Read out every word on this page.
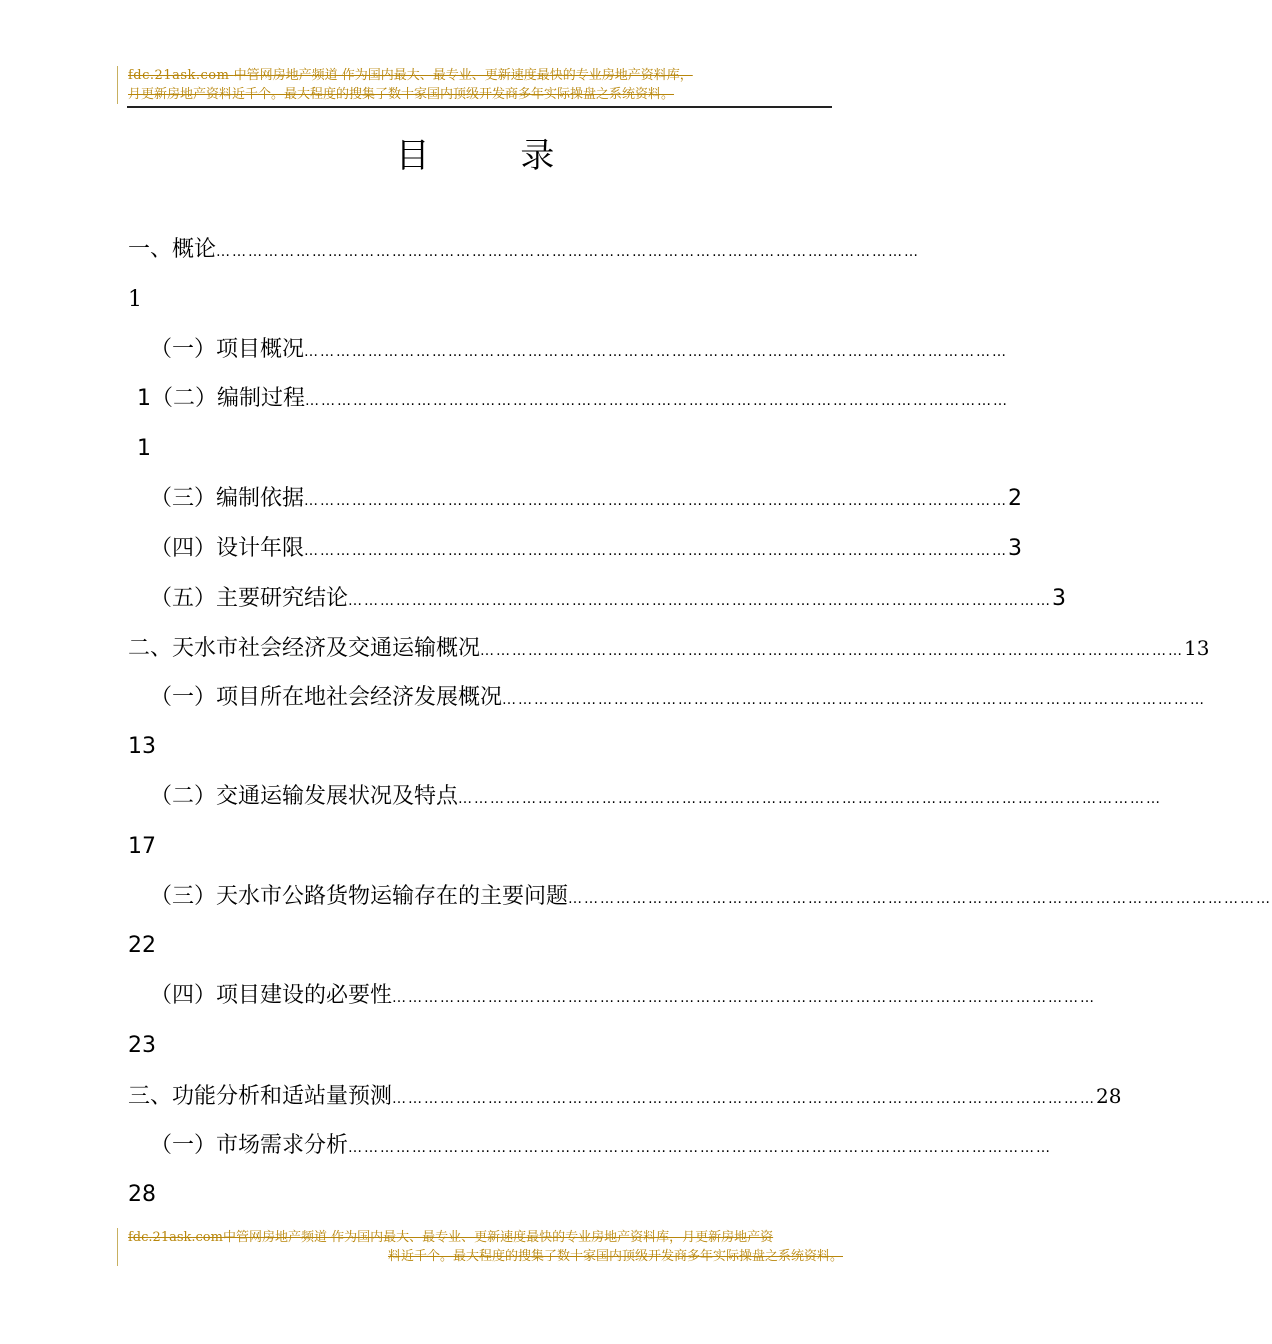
fdc.21ask.com 中管网房地产频道 作为国内最大、最专业、更新速度最快的专业房地产资料库，
月更新房地产资料近千个。最大程度的搜集了数十家国内顶级开发商多年实际操盘之系统资料。
目 录
一、概论 ……………………………………………………………………………………………………………………
1
（一）项目概况 ……………………………………………………………………………………………………………………
1（二）编制过程 ……………………………………………………………………………………………………………………
1
（三）编制依据 …………………………………………………………………………………………………………………… 2
（四）设计年限 …………………………………………………………………………………………………………………… 3
（五）主要研究结论 …………………………………………………………………………………………………………………… 3
二、天水市社会经济及交通运输概况 …………………………………………………………………………………………………………………… 13
（一）项目所在地社会经济发展概况 ……………………………………………………………………………………………………………………
13
（二）交通运输发展状况及特点 ……………………………………………………………………………………………………………………
17
（三）天水市公路货物运输存在的主要问题 ……………………………………………………………………………………………………………………
22
（四）项目建设的必要性 ……………………………………………………………………………………………………………………
23
三、功能分析和适站量预测 …………………………………………………………………………………………………………………… 28
（一）市场需求分析 ……………………………………………………………………………………………………………………
28
fdc.21ask.com中管网房地产频道 作为国内最大、最专业、更新速度最快的专业房地产资料库，月更新房地产资
料近千个。最大程度的搜集了数十家国内顶级开发商多年实际操盘之系统资料。
